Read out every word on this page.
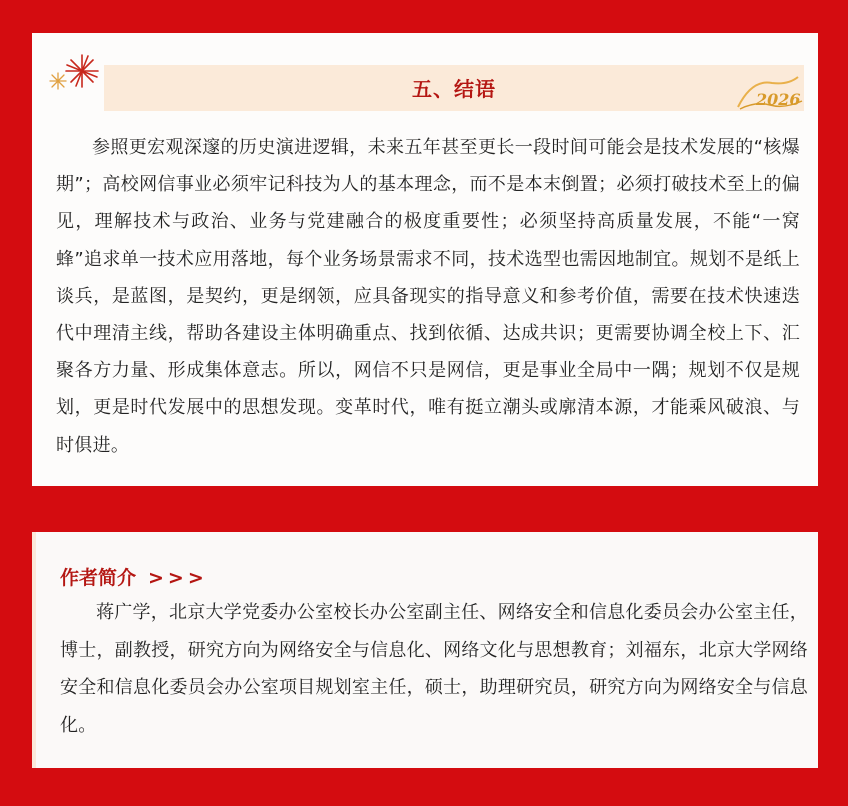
五、结语	2026

参照更宏观深邃的历史演进逻辑，未来五年甚至更长一段时间可能会是技术发展的“核爆期”；高校网信事业必须牢记科技为人的基本理念，而不是本末倒置；必须打破技术至上的偏见，理解技术与政治、业务与党建融合的极度重要性；必须坚持高质量发展，不能“一窝蜂”追求单一技术应用落地，每个业务场景需求不同，技术选型也需因地制宜。规划不是纸上谈兵，是蓝图，是契约，更是纲领，应具备现实的指导意义和参考价值，需要在技术快速迭代中理清主线，帮助各建设主体明确重点、找到依循、达成共识；更需要协调全校上下、汇聚各方力量、形成集体意志。所以，网信不只是网信，更是事业全局中一隅；规划不仅是规划，更是时代发展中的思想发现。变革时代，唯有挺立潮头或廓清本源，才能乘风破浪、与时俱进。

作者简介 >>>

蒋广学，北京大学党委办公室校长办公室副主任、网络安全和信息化委员会办公室主任，博士，副教授，研究方向为网络安全与信息化、网络文化与思想教育；刘福东，北京大学网络安全和信息化委员会办公室项目规划室主任，硕士，助理研究员，研究方向为网络安全与信息化。
